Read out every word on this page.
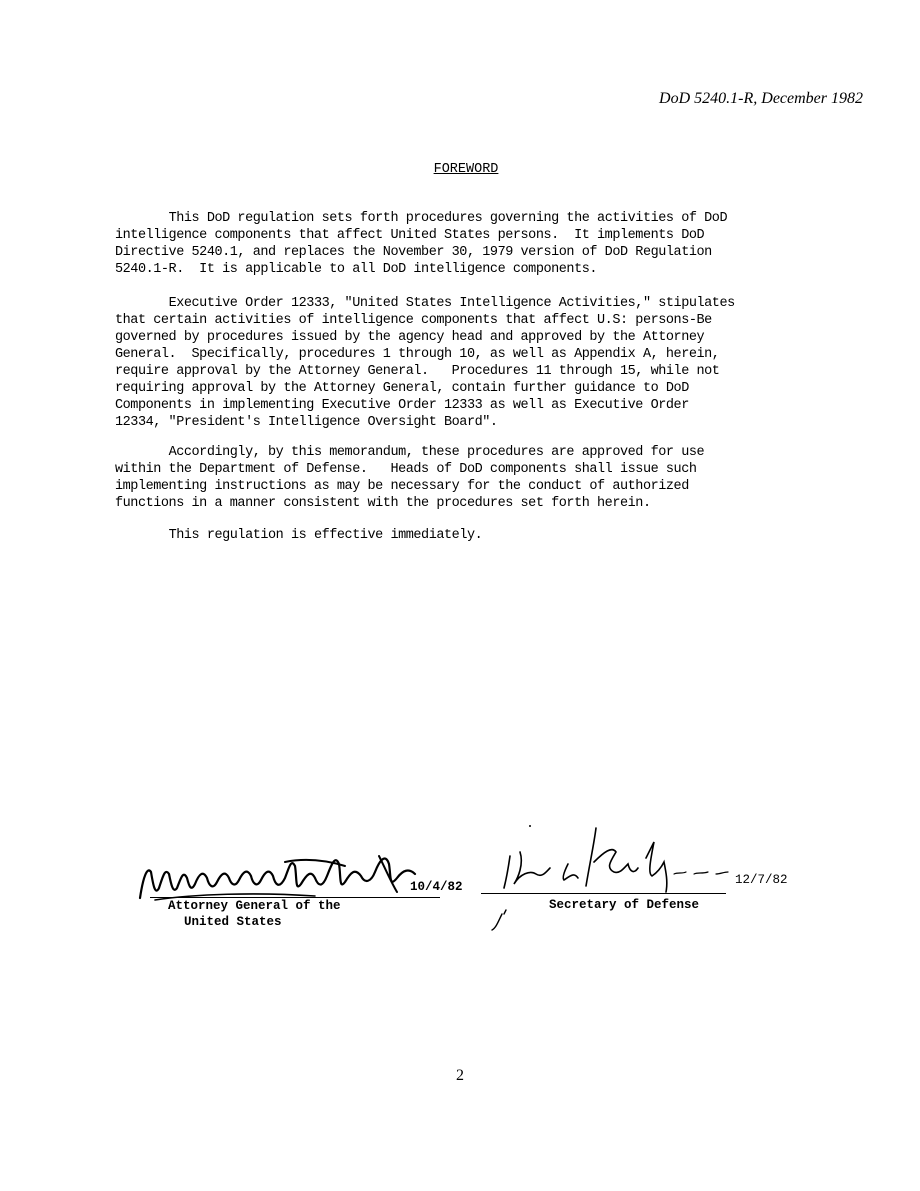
DoD 5240.1-R, December 1982
FOREWORD
This DoD regulation sets forth procedures governing the activities of DoD
intelligence components that affect United States persons.  It implements DoD
Directive 5240.1, and replaces the November 30, 1979 version of DoD Regulation
5240.1-R.  It is applicable to all DoD intelligence components.
Executive Order 12333, "United States Intelligence Activities," stipulates
that certain activities of intelligence components that affect U.S: persons-Be
governed by procedures issued by the agency head and approved by the Attorney
General.  Specifically, procedures 1 through 10, as well as Appendix A, herein,
require approval by the Attorney General.   Procedures 11 through 15, while not
requiring approval by the Attorney General, contain further guidance to DoD
Components in implementing Executive Order 12333 as well as Executive Order
12334, "President's Intelligence Oversight Board".
Accordingly, by this memorandum, these procedures are approved for use
within the Department of Defense.   Heads of DoD components shall issue such
implementing instructions as may be necessary for the conduct of authorized
functions in a manner consistent with the procedures set forth herein.
This regulation is effective immediately.
10/4/82
Attorney General of the
United States
12/7/82
Secretary of Defense
2
